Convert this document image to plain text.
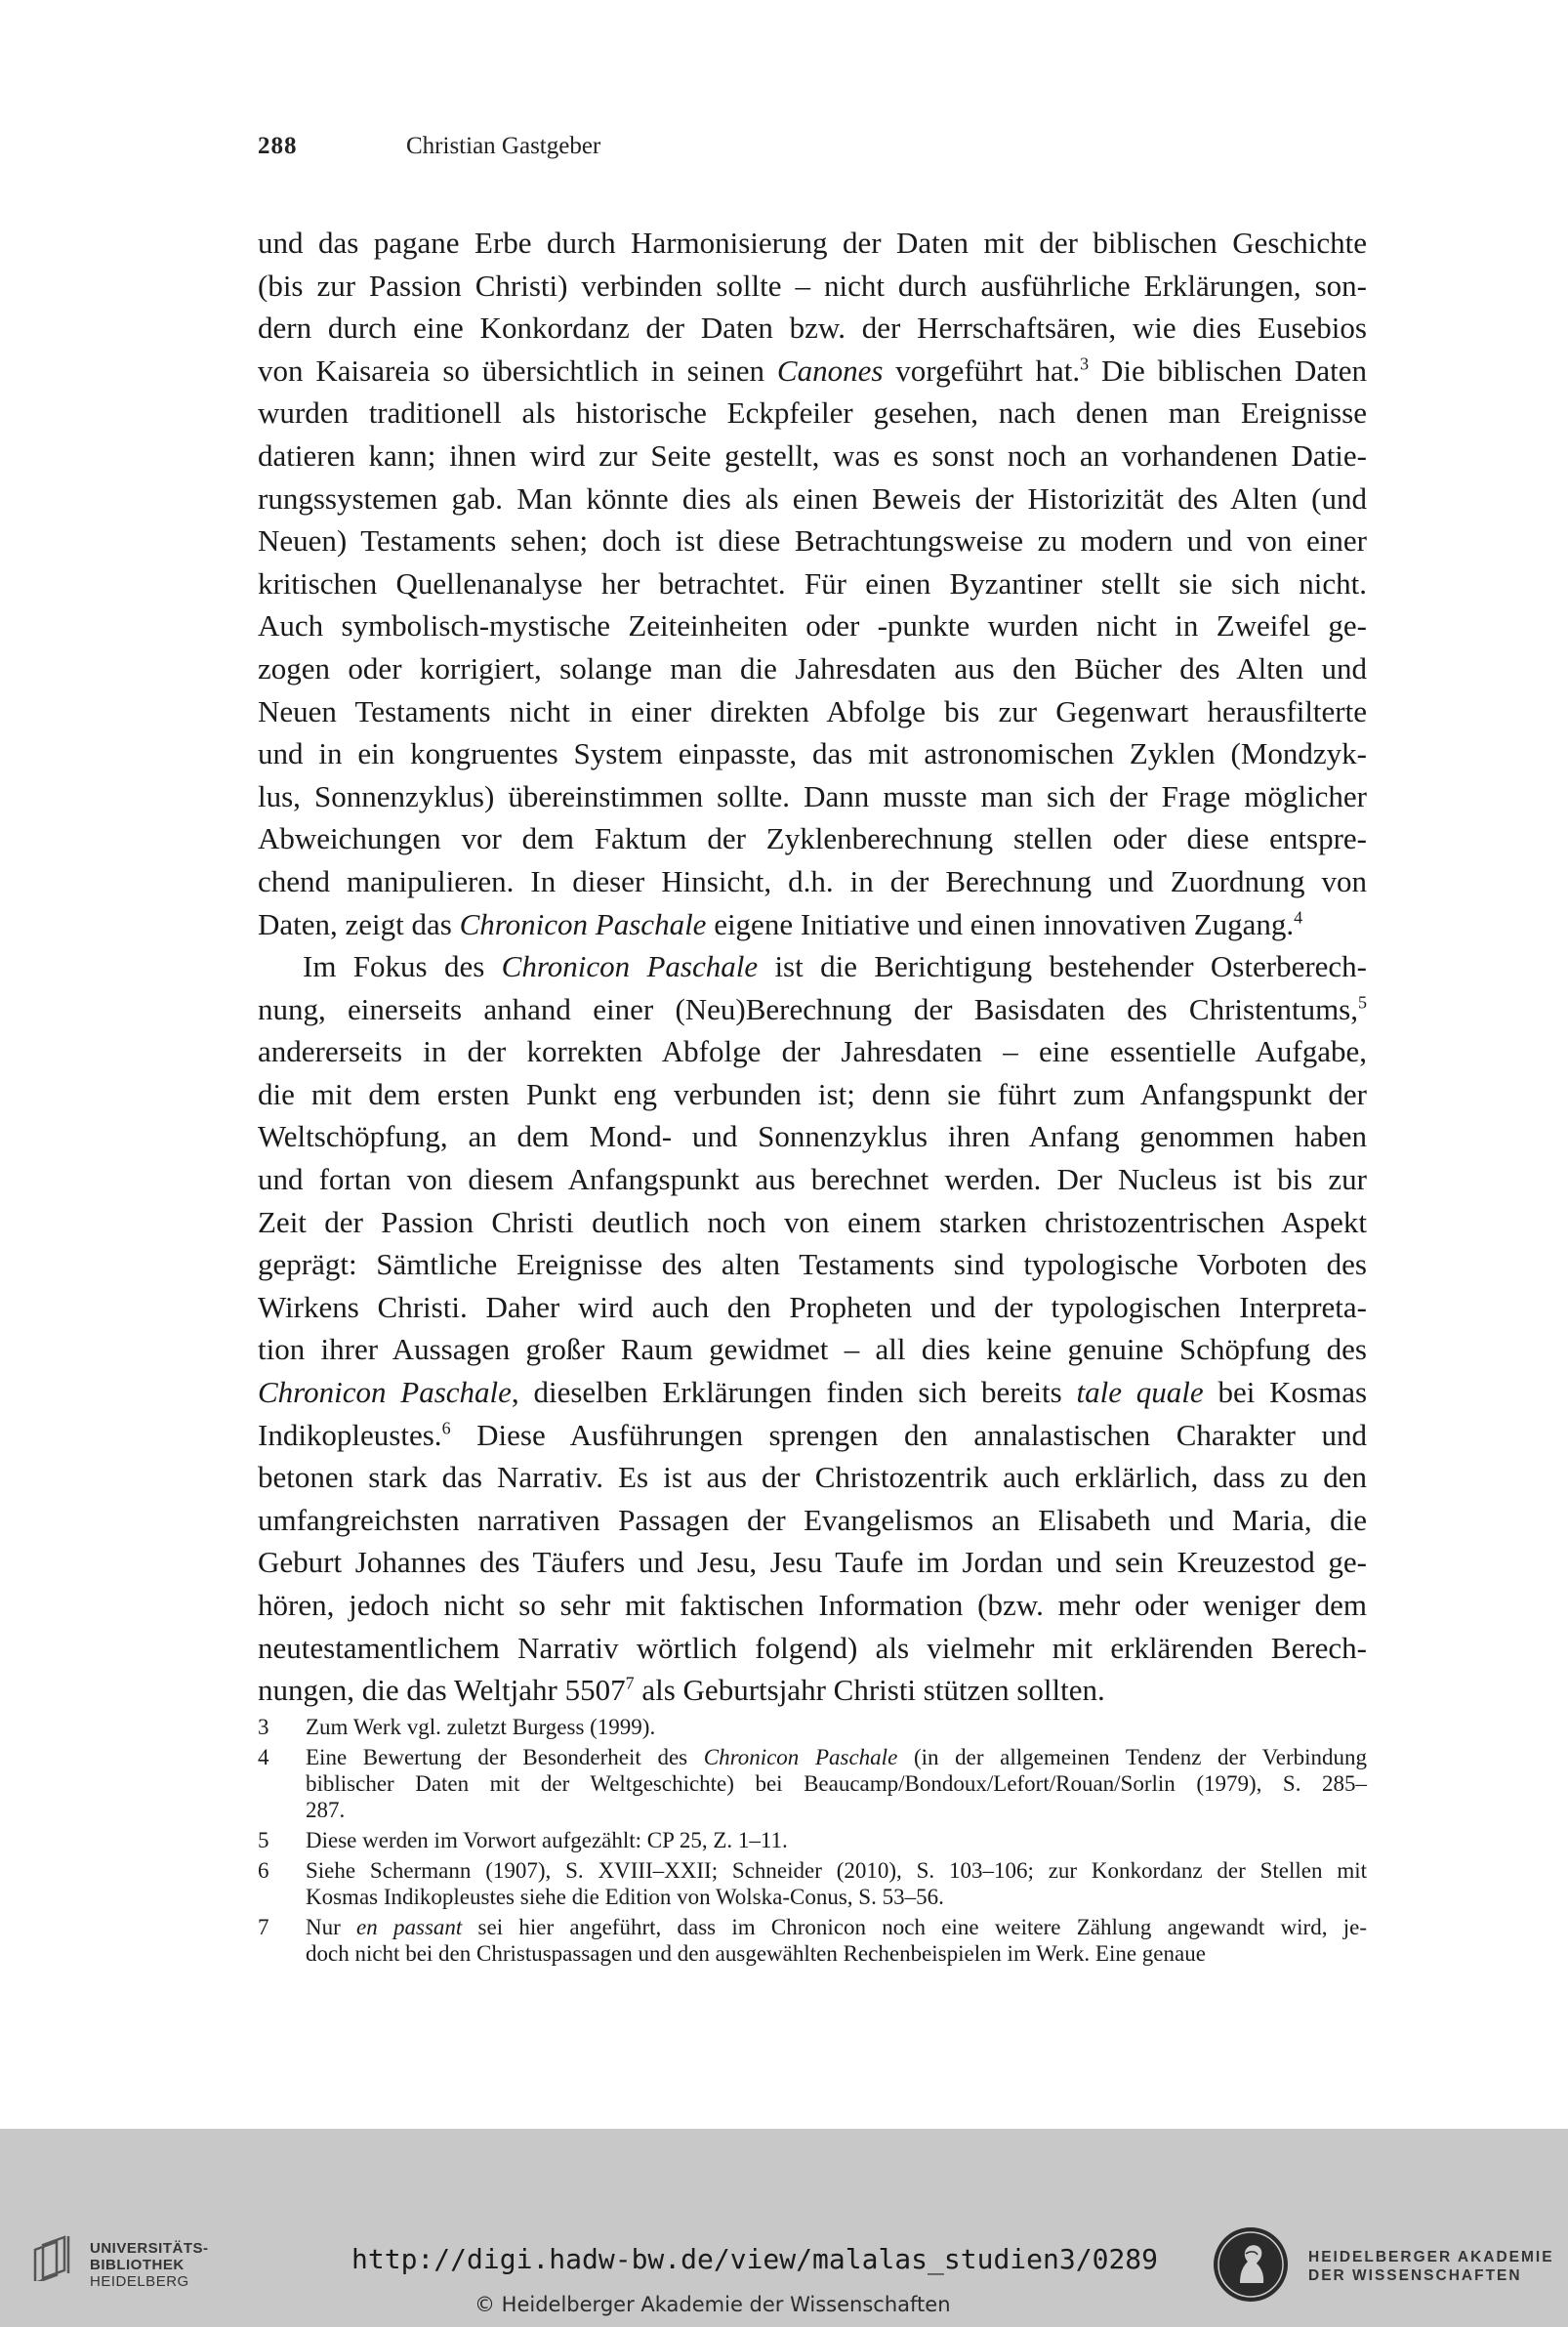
288	Christian Gastgeber
und das pagane Erbe durch Harmonisierung der Daten mit der biblischen Geschichte
(bis zur Passion Christi) verbinden sollte – nicht durch ausführliche Erklärungen, son-
dern durch eine Konkordanz der Daten bzw. der Herrschaftsären, wie dies Eusebios
von Kaisareia so übersichtlich in seinen Canones vorgeführt hat.$^3$ Die biblischen Daten
wurden traditionell als historische Eckpfeiler gesehen, nach denen man Ereignisse
datieren kann; ihnen wird zur Seite gestellt, was es sonst noch an vorhandenen Datie-
rungssystemen gab. Man könnte dies als einen Beweis der Historizität des Alten (und
Neuen) Testaments sehen; doch ist diese Betrachtungsweise zu modern und von einer
kritischen Quellenanalyse her betrachtet. Für einen Byzantiner stellt sie sich nicht.
Auch symbolisch-mystische Zeiteinheiten oder -punkte wurden nicht in Zweifel ge-
zogen oder korrigiert, solange man die Jahresdaten aus den Bücher des Alten und
Neuen Testaments nicht in einer direkten Abfolge bis zur Gegenwart herausfilterte
und in ein kongruentes System einpasste, das mit astronomischen Zyklen (Mondzyk-
lus, Sonnenzyklus) übereinstimmen sollte. Dann musste man sich der Frage möglicher
Abweichungen vor dem Faktum der Zyklenberechnung stellen oder diese entspre-
chend manipulieren. In dieser Hinsicht, d.h. in der Berechnung und Zuordnung von
Daten, zeigt das Chronicon Paschale eigene Initiative und einen innovativen Zugang.$^4$
Im Fokus des Chronicon Paschale ist die Berichtigung bestehender Osterberech-
nung, einerseits anhand einer (Neu)Berechnung der Basisdaten des Christentums,$^5$
andererseits in der korrekten Abfolge der Jahresdaten – eine essentielle Aufgabe,
die mit dem ersten Punkt eng verbunden ist; denn sie führt zum Anfangspunkt der
Weltschöpfung, an dem Mond- und Sonnenzyklus ihren Anfang genommen haben
und fortan von diesem Anfangspunkt aus berechnet werden. Der Nucleus ist bis zur
Zeit der Passion Christi deutlich noch von einem starken christozentrischen Aspekt
geprägt: Sämtliche Ereignisse des alten Testaments sind typologische Vorboten des
Wirkens Christi. Daher wird auch den Propheten und der typologischen Interpreta-
tion ihrer Aussagen großer Raum gewidmet – all dies keine genuine Schöpfung des
Chronicon Paschale, dieselben Erklärungen finden sich bereits tale quale bei Kosmas
Indikopleustes.$^6$ Diese Ausführungen sprengen den annalastischen Charakter und
betonen stark das Narrativ. Es ist aus der Christozentrik auch erklärlich, dass zu den
umfangreichsten narrativen Passagen der Evangelismos an Elisabeth und Maria, die
Geburt Johannes des Täufers und Jesu, Jesu Taufe im Jordan und sein Kreuzestod ge-
hören, jedoch nicht so sehr mit faktischen Information (bzw. mehr oder weniger dem
neutestamentlichem Narrativ wörtlich folgend) als vielmehr mit erklärenden Berech-
nungen, die das Weltjahr 5507$^7$ als Geburtsjahr Christi stützen sollten.
3 Zum Werk vgl. zuletzt Burgess (1999).
4 Eine Bewertung der Besonderheit des Chronicon Paschale (in der allgemeinen Tendenz der Verbindung
biblischer Daten mit der Weltgeschichte) bei Beaucamp/Bondoux/Lefort/Rouan/Sorlin (1979), S. 285–
287.
5 Diese werden im Vorwort aufgezählt: CP 25, Z. 1–11.
6 Siehe Schermann (1907), S. XVIII–XXII; Schneider (2010), S. 103–106; zur Konkordanz der Stellen mit
Kosmas Indikopleustes siehe die Edition von Wolska-Conus, S. 53–56.
7 Nur en passant sei hier angeführt, dass im Chronicon noch eine weitere Zählung angewandt wird, je-
doch nicht bei den Christuspassagen und den ausgewählten Rechenbeispielen im Werk. Eine genaue
UNIVERSITÄTS-
BIBLIOTHEK
HEIDELBERG
http://digi.hadw-bw.de/view/malalas_studien3/0289
© Heidelberger Akademie der Wissenschaften
HEIDELBERGER AKADEMIE
DER WISSENSCHAFTEN
